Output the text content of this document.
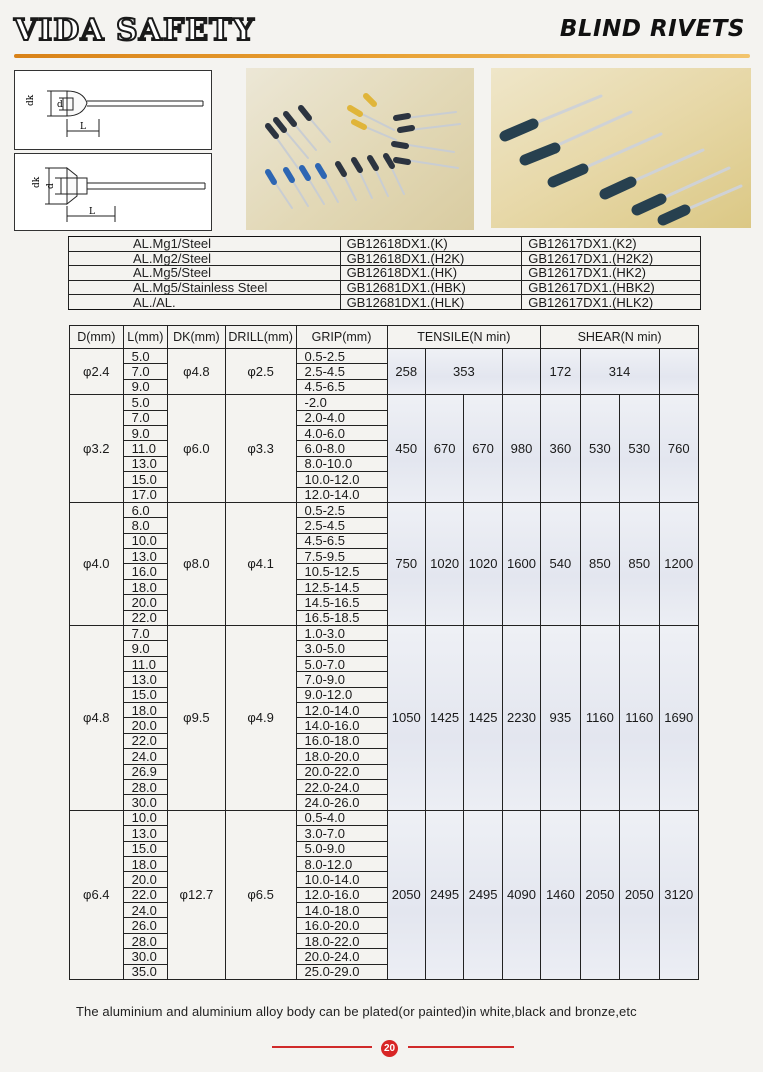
VIDA SAFETY	BLIND RIVETS
dk d
L
dk d
L
AL.Mg1/Steel	GB12618DX1.(K)	GB12617DX1.(K2)
AL.Mg2/Steel	GB12618DX1.(H2K)	GB12617DX1.(H2K2)
AL.Mg5/Steel	GB12618DX1.(HK)	GB12617DX1.(HK2)
AL.Mg5/Stainless Steel	GB12681DX1.(HBK)	GB12617DX1.(HBK2)
AL./AL.	GB12681DX1.(HLK)	GB12617DX1.(HLK2)
D(mm)	L(mm)	DK(mm)	DRILL(mm)	GRIP(mm)	TENSILE(N min)				SHEAR(N min)			
φ2.4	5.0	φ4.8	φ2.5	0.5-2.5	258	353			172	314		
	7.0			2.5-4.5								
	9.0			4.5-6.5								
φ3.2	5.0	φ6.0	φ3.3	-2.0	450	670	670	980	360	530	530	760
	7.0			2.0-4.0								
	9.0			4.0-6.0								
	11.0			6.0-8.0								
	13.0			8.0-10.0								
	15.0			10.0-12.0								
	17.0			12.0-14.0								
φ4.0	6.0	φ8.0	φ4.1	0.5-2.5	750	1020	1020	1600	540	850	850	1200
	8.0			2.5-4.5								
	10.0			4.5-6.5								
	13.0			7.5-9.5								
	16.0			10.5-12.5								
	18.0			12.5-14.5								
	20.0			14.5-16.5								
	22.0			16.5-18.5								
φ4.8	7.0	φ9.5	φ4.9	1.0-3.0	1050	1425	1425	2230	935	1160	1160	1690
	9.0			3.0-5.0								
	11.0			5.0-7.0								
	13.0			7.0-9.0								
	15.0			9.0-12.0								
	18.0			12.0-14.0								
	20.0			14.0-16.0								
	22.0			16.0-18.0								
	24.0			18.0-20.0								
	26.9			20.0-22.0								
	28.0			22.0-24.0								
	30.0			24.0-26.0								
φ6.4	10.0	φ12.7	φ6.5	0.5-4.0	2050	2495	2495	4090	1460	2050	2050	3120
	13.0			3.0-7.0								
	15.0			5.0-9.0								
	18.0			8.0-12.0								
	20.0			10.0-14.0								
	22.0			12.0-16.0								
	24.0			14.0-18.0								
	26.0			16.0-20.0								
	28.0			18.0-22.0								
	30.0			20.0-24.0								
	35.0			25.0-29.0								
The aluminium and aluminium alloy body can be plated(or painted)in white,black and bronze,etc
20
